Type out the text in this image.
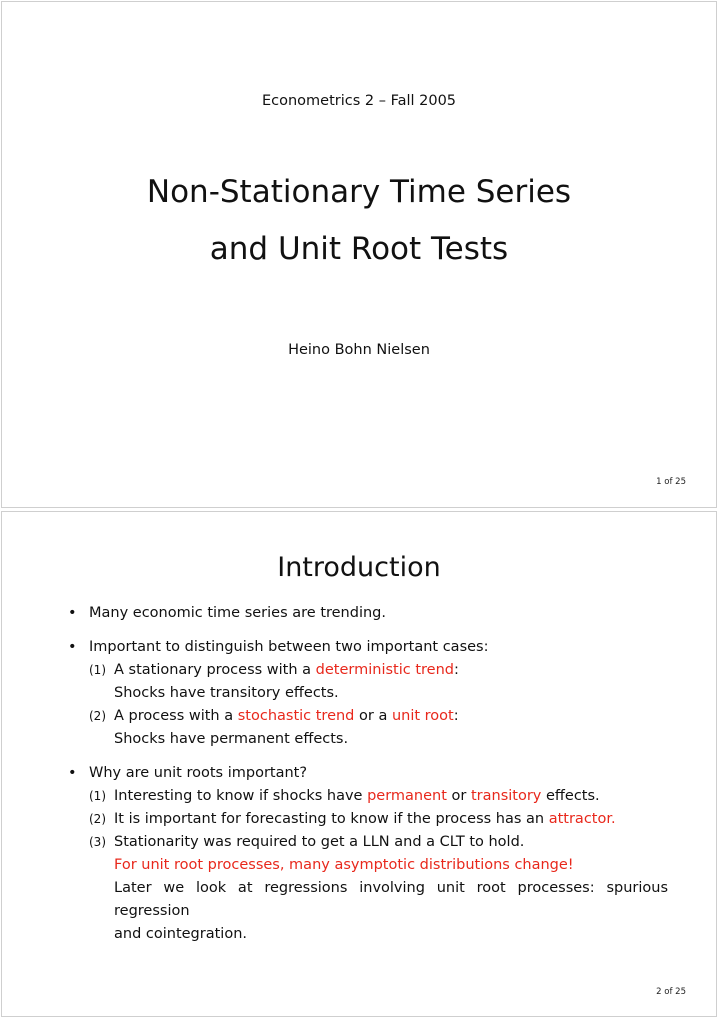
Econometrics 2 – Fall 2005
Non-Stationary Time Series
and Unit Root Tests
Heino Bohn Nielsen
1 of 25
Introduction
• Many economic time series are trending.
• Important to distinguish between two important cases:
(1) A stationary process with a deterministic trend:
Shocks have transitory effects.
(2) A process with a stochastic trend or a unit root:
Shocks have permanent effects.
• Why are unit roots important?
(1) Interesting to know if shocks have permanent or transitory effects.
(2) It is important for forecasting to know if the process has an attractor.
(3) Stationarity was required to get a LLN and a CLT to hold.
For unit root processes, many asymptotic distributions change!
Later we look at regressions involving unit root processes: spurious regression
and cointegration.
2 of 25
